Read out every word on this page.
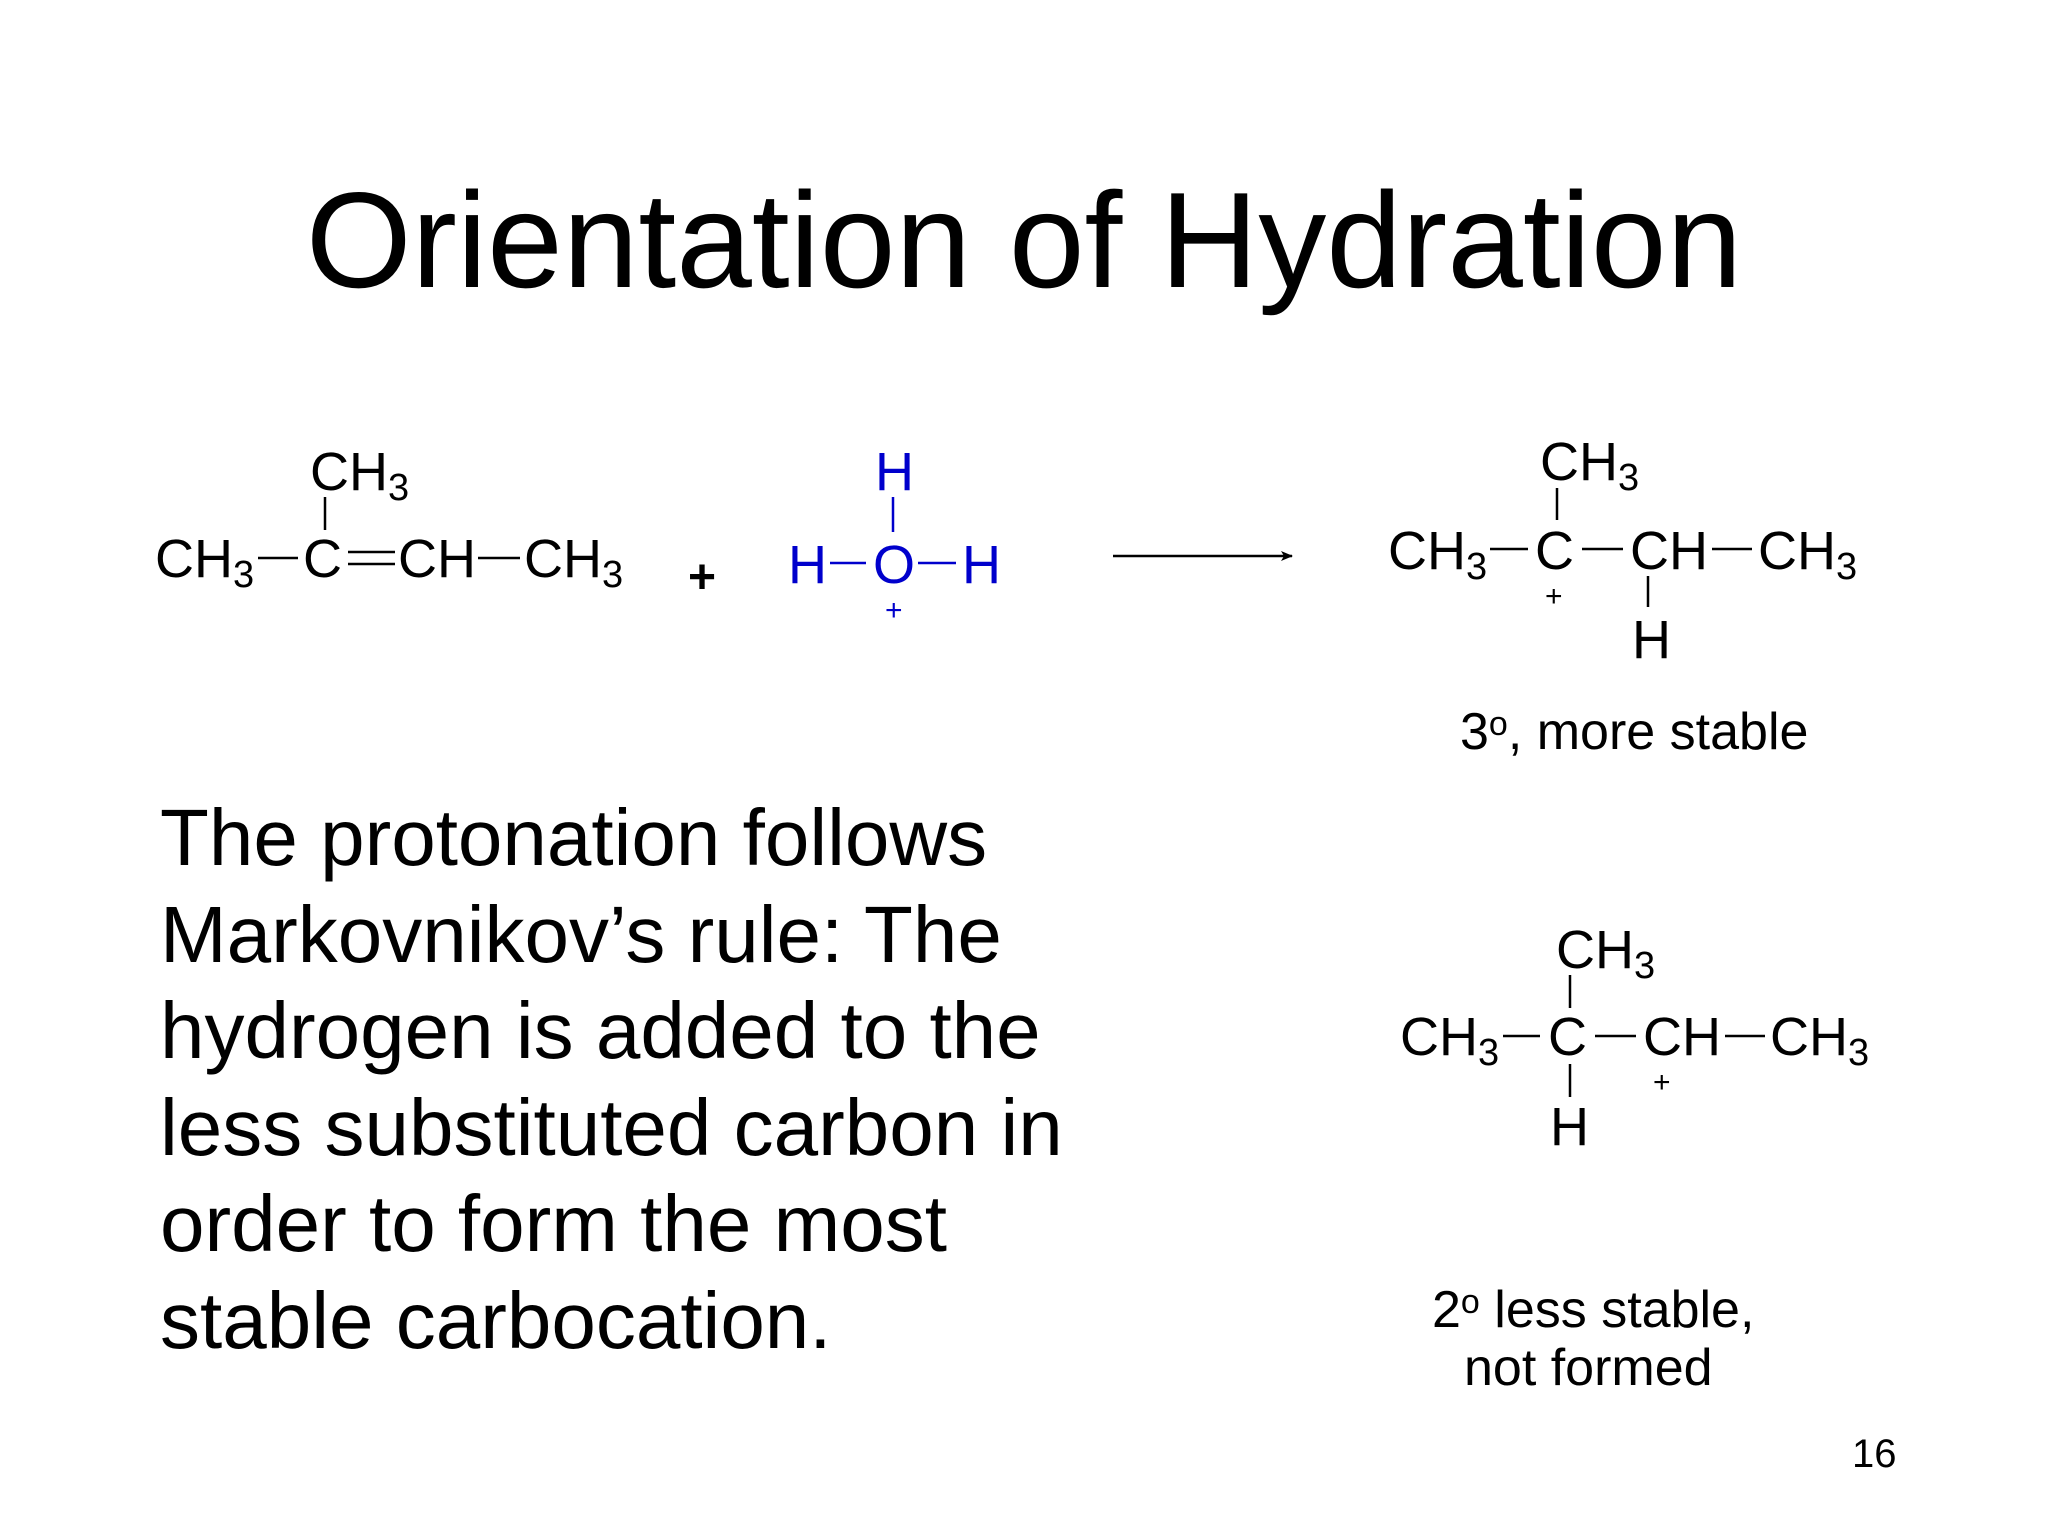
Orientation of Hydration
CH3
CH3 C CH CH3 +
H
H O H
+
CH3
CH3 C
+
CH CH3
H
CH3
CH3 C CH
+
CH3
H
3$^o$, more stable
2$^o$ less stable,
not formed
The protonation follows Markovnikov’s rule: The hydrogen is added to the less substituted carbon in order to form the most stable carbocation.
16
